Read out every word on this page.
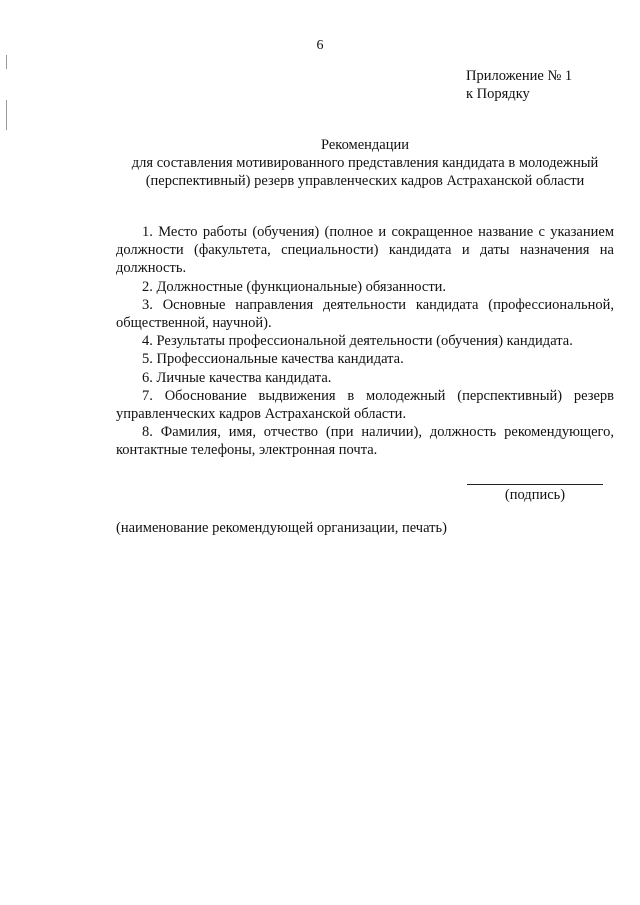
6
Приложение № 1
к Порядку
Рекомендации
для составления мотивированного представления кандидата в молодежный
(перспективный) резерв управленческих кадров Астраханской области

1. Место работы (обучения) (полное и сокращенное название с указанием должности (факультета, специальности) кандидата и даты назначения на должность.

2. Должностные (функциональные) обязанности.

3. Основные направления деятельности кандидата (профессиональной, общественной, научной).

4. Результаты профессиональной деятельности (обучения) кандидата.

5. Профессиональные качества кандидата.

6. Личные качества кандидата.

7. Обоснование выдвижения в молодежный (перспективный) резерв управленческих кадров Астраханской области.

8. Фамилия, имя, отчество (при наличии), должность рекомендующего, контактные телефоны, электронная почта.

(подпись)
(наименование рекомендующей организации, печать)
